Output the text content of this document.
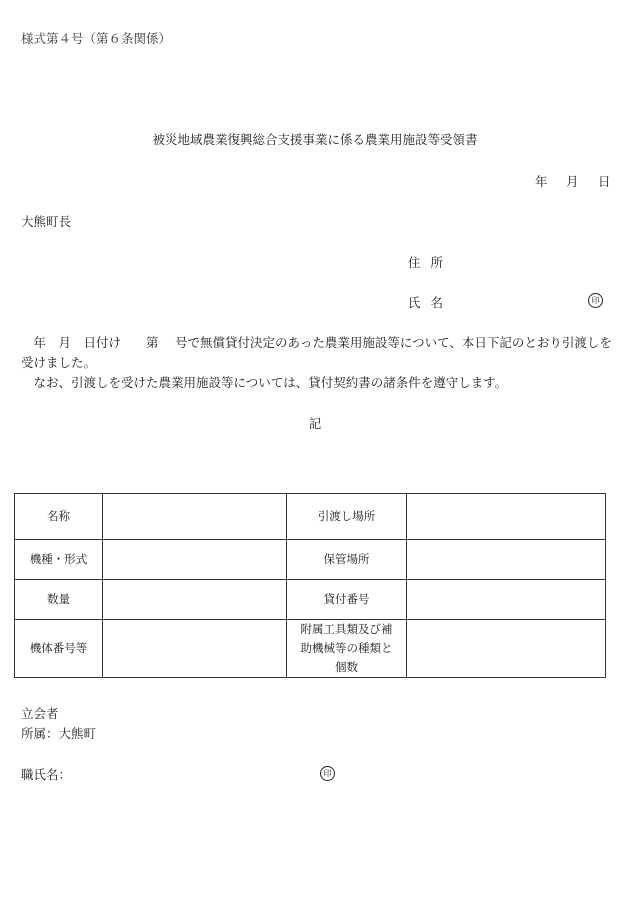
様式第４号（第６条関係）
被災地域農業復興総合支援事業に係る農業用施設等受領書
年 月 日
大熊町長
住所
氏名	印

　年　月　日付け　　第　 号で無償貸付決定のあった農業用施設等について、本日下記のとおり引渡しを受けました。

　なお、引渡しを受けた農業用施設等については、貸付契約書の諸条件を遵守します。

記
名称		引渡し場所	
機種・形式		保管場所	
数量		貸付番号	
機体番号等		附属工具類及び補助機械等の種類と個数	
立会者
所属：大熊町
職氏名：	印
